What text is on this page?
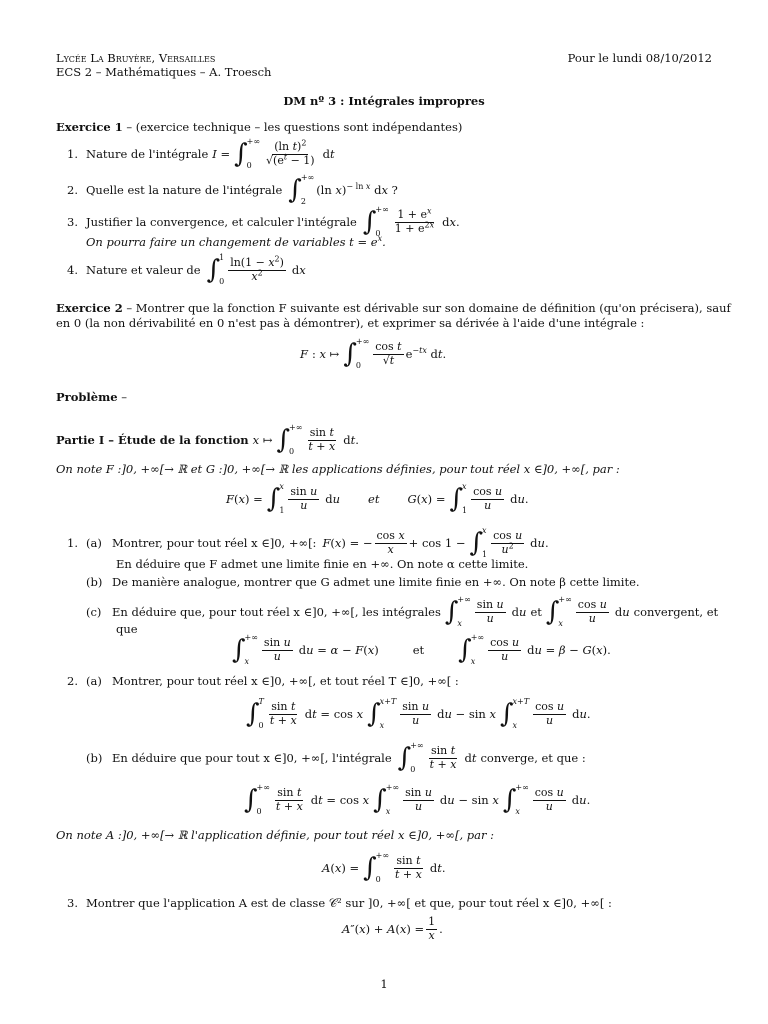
Lycée La Bruyère, Versailles
ECS 2 – Mathématiques – A. Troesch
Pour le lundi 08/10/2012
DM nº 3 : Intégrales impropres
Exercice 1 – (exercice technique – les questions sont indépendantes)
1. Nature de l'intégrale I = ∫ +∞
0	$\frac{(\ln t)^2}{√(e^t - 1)}$ dt
2. Quelle est la nature de l'intégrale ∫ +∞
2
(ln x)$^{- ln x}$ dx ?
3. Justifier la convergence, et calculer l'intégrale ∫ +∞
0	$\frac{1 + e^x}{1 + e^{2x}}$ dx.
On pourra faire un changement de variables $t = e^x$.
4. Nature et valeur de ∫ 1
$0 \frac{\ln(1 - x^2)}{x^2}$ dx
Exercice 2 – Montrer que la fonction F suivante est dérivable sur son domaine de définition (qu'on précisera), sauf
en 0 (la non dérivabilité en 0 n'est pas à démontrer), et exprimer sa dérivée à l'aide d'une intégrale :
F : x ↦ ∫ +∞
0	$\frac{\text{cos t}}{√t} e^{-tx}$ dt.
Problème –
Partie I – Étude de la fonction x ↦ ∫ +∞
0	$\frac{\text{sin t}}{t + x}$ dt.
On note F :]0, +∞[→ ℝ et G :]0, +∞[→ ℝ les applications définies, pour tout réel x ∈]0, +∞[, par :
F(x) = ∫ x
$1 \frac{\text{sin u}}{u}$ du et G(x) = ∫ x
$1 \frac{\text{cos u}}{u}$ du.
1. (a) Montrer, pour tout réel x ∈]0, +∞[: F(x) = − $\frac{\text{cos x}}{x} + \cos 1$ − ∫ x
$1 \frac{\text{cos u}}{u^2}$ du.
En déduire que F admet une limite finie en +∞. On note α cette limite.
(b) De manière analogue, montrer que G admet une limite finie en +∞. On note β cette limite.
(c) En déduire que, pour tout réel x ∈]0, +∞[, les intégrales ∫ +∞
x	$\frac{\text{sin u}}{u}$ du et ∫ +∞
x	$\frac{\text{cos u}}{u}$ du convergent, et
que
∫ +∞
x	$\frac{\text{sin u}}{u}$ du = α − F(x)	et ∫ +∞
x	$\frac{\text{cos u}}{u}$ du = β − G(x).
2. (a) Montrer, pour tout réel x ∈]0, +∞[, et tout réel T ∈]0, +∞[ :
∫ T
$0 \frac{\text{sin t}}{t + x}$ dt = cos x ∫ x+T
x	$\frac{\text{sin u}}{u}$ du − sin x ∫ x+T
x	$\frac{\text{cos u}}{u}$ du.
(b) En déduire que pour tout x ∈]0, +∞[, l'intégrale ∫ +∞
0	$\frac{\text{sin t}}{t + x}$ dt converge, et que :
∫ +∞
0	$\frac{\text{sin t}}{t + x}$ dt = cos x ∫ +∞
x	$\frac{\text{sin u}}{u}$ du − sin x ∫ +∞
x	$\frac{\text{cos u}}{u}$ du.
On note A :]0, +∞[→ ℝ l'application définie, pour tout réel x ∈]0, +∞[, par :
A(x) = ∫ +∞
0	$\frac{\text{sin t}}{t + x}$ dt.
3. Montrer que l'application A est de classe 𝒞² sur ]0, +∞[ et que, pour tout réel x ∈]0, +∞[ :
$A''(x) + A(x) = \frac{1}{x}$ .
1
